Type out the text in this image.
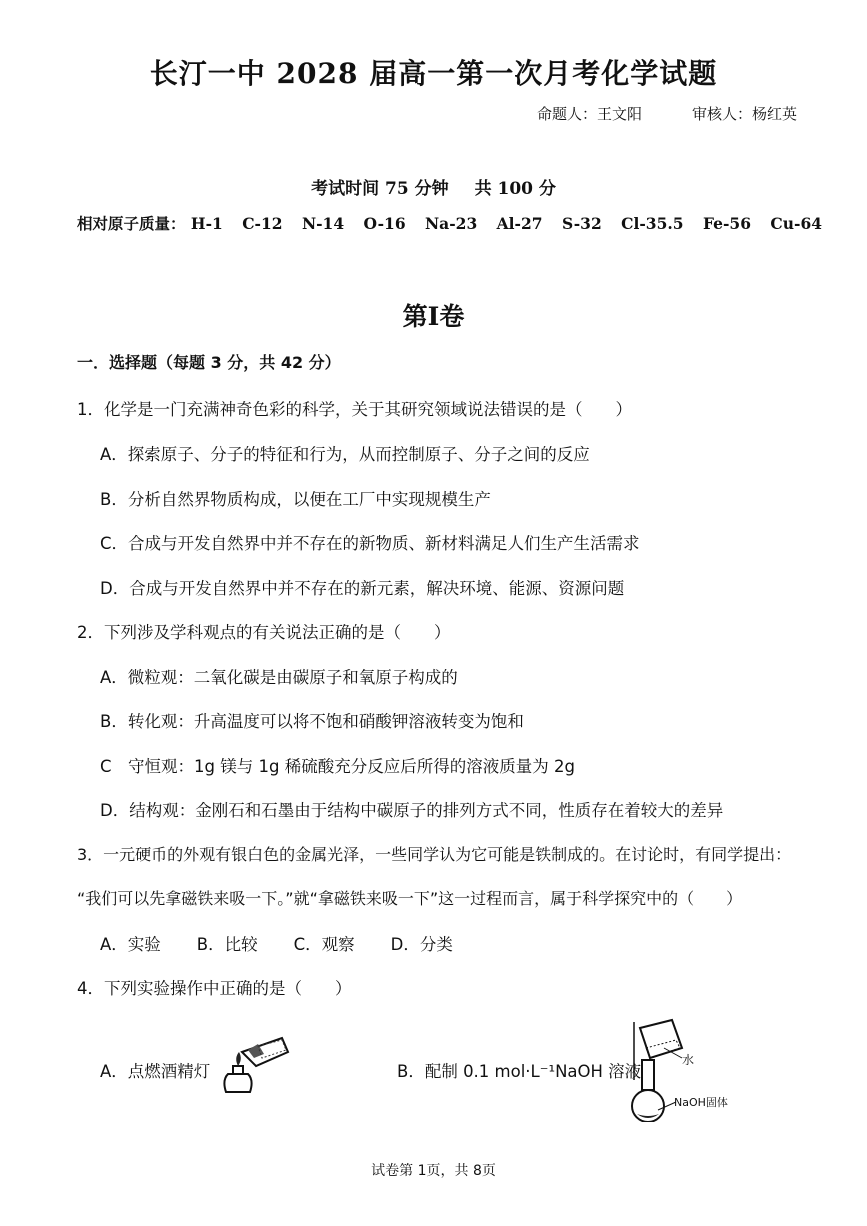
长汀一中 2028 届高一第一次月考化学试题
命题人：王文阳	审核人：杨红英
考试时间 75 分钟 共 100 分
相对原子质量： H-1 C-12 N-14 O-16 Na-23 Al-27 S-32 Cl-35.5 Fe-56 Cu-64
第Ⅰ卷
一．选择题（每题 3 分，共 42 分）
1．化学是一门充满神奇色彩的科学，关于其研究领域说法错误的是（　　）
A．探索原子、分子的特征和行为，从而控制原子、分子之间的反应
B．分析自然界物质构成，以便在工厂中实现规模生产
C．合成与开发自然界中并不存在的新物质、新材料满足人们生产生活需求
D．合成与开发自然界中并不存在的新元素，解决环境、能源、资源问题
2．下列涉及学科观点的有关说法正确的是（　　）
A．微粒观：二氧化碳是由碳原子和氧原子构成的
B．转化观：升高温度可以将不饱和硝酸钾溶液转变为饱和
C　守恒观：1g 镁与 1g 稀硫酸充分反应后所得的溶液质量为 2g
D．结构观：金刚石和石墨由于结构中碳原子的排列方式不同，性质存在着较大的差异
3．一元硬币的外观有银白色的金属光泽，一些同学认为它可能是铁制成的。在讨论时，有同学提出：
“我们可以先拿磁铁来吸一下。”就“拿磁铁来吸一下”这一过程而言，属于科学探究中的（　　）
A．实验 B．比较 C．观察 D．分类
4．下列实验操作中正确的是（　　）
A．点燃酒精灯	B．配制 0.1 mol·L⁻¹NaOH 溶液
水
NaOH固体
试卷第 1页，共 8页
